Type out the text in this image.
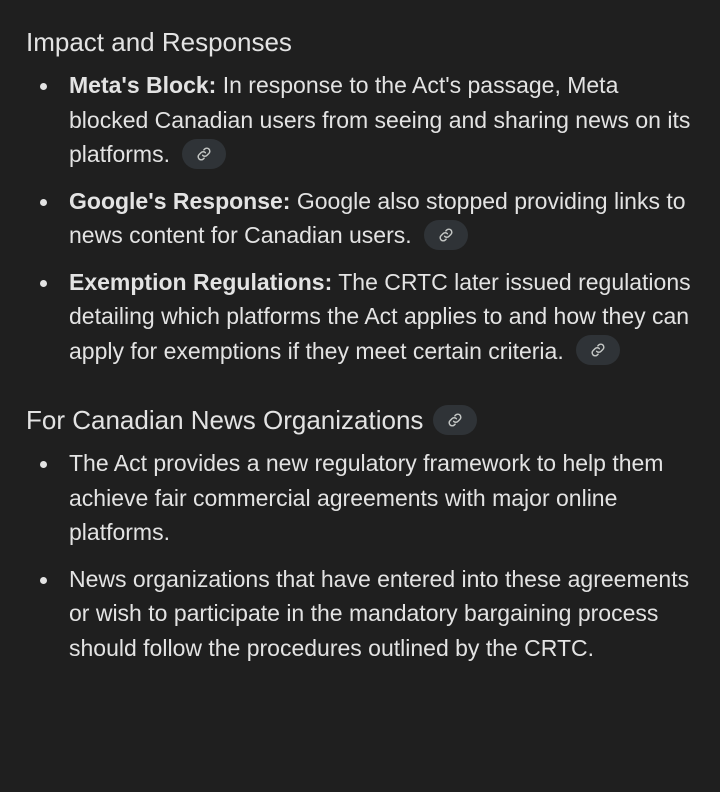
Impact and Responses
Meta's Block: In response to the Act's passage, Meta blocked Canadian users from seeing and sharing news on its platforms.
Google's Response: Google also stopped providing links to news content for Canadian users.
Exemption Regulations: The CRTC later issued regulations detailing which platforms the Act applies to and how they can apply for exemptions if they meet certain criteria.
For Canadian News Organizations
The Act provides a new regulatory framework to help them achieve fair commercial agreements with major online platforms.
News organizations that have entered into these agreements or wish to participate in the mandatory bargaining process should follow the procedures outlined by the CRTC.
